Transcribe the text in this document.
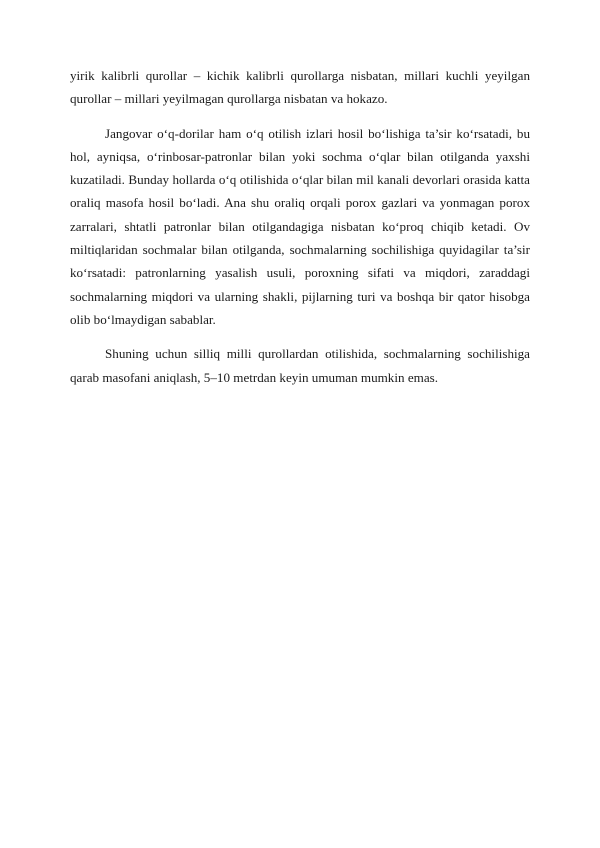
yirik kalibrli qurollar – kichik kalibrli qurollarga nisbatan, millari kuchli yeyilgan qurollar – millari yeyilmagan qurollarga nisbatan va hokazo.

Jangovar o‘q-dorilar ham o‘q otilish izlari hosil bo‘lishiga ta’sir ko‘rsatadi, bu hol, ayniqsa, o‘rinbosar-patronlar bilan yoki sochma o‘qlar bilan otilganda yaxshi kuzatiladi. Bunday hollarda o‘q otilishida o‘qlar bilan mil kanali devorlari orasida katta oraliq masofa hosil bo‘ladi. Ana shu oraliq orqali porox gazlari va yonmagan porox zarralari, shtatli patronlar bilan otilgandagiga nisbatan ko‘proq chiqib ketadi. Ov miltiqlaridan sochmalar bilan otilganda, sochmalarning sochilishiga quyidagilar ta’sir ko‘rsatadi: patronlarning yasalish usuli, poroxning sifati va miqdori, zaraddagi sochmalarning miqdori va ularning shakli, pijlarning turi va boshqa bir qator hisobga olib bo‘lmaydigan sabablar.

Shuning uchun silliq milli qurollardan otilishida, sochmalarning sochilishiga qarab masofani aniqlash, 5–10 metrdan keyin umuman mumkin emas.
